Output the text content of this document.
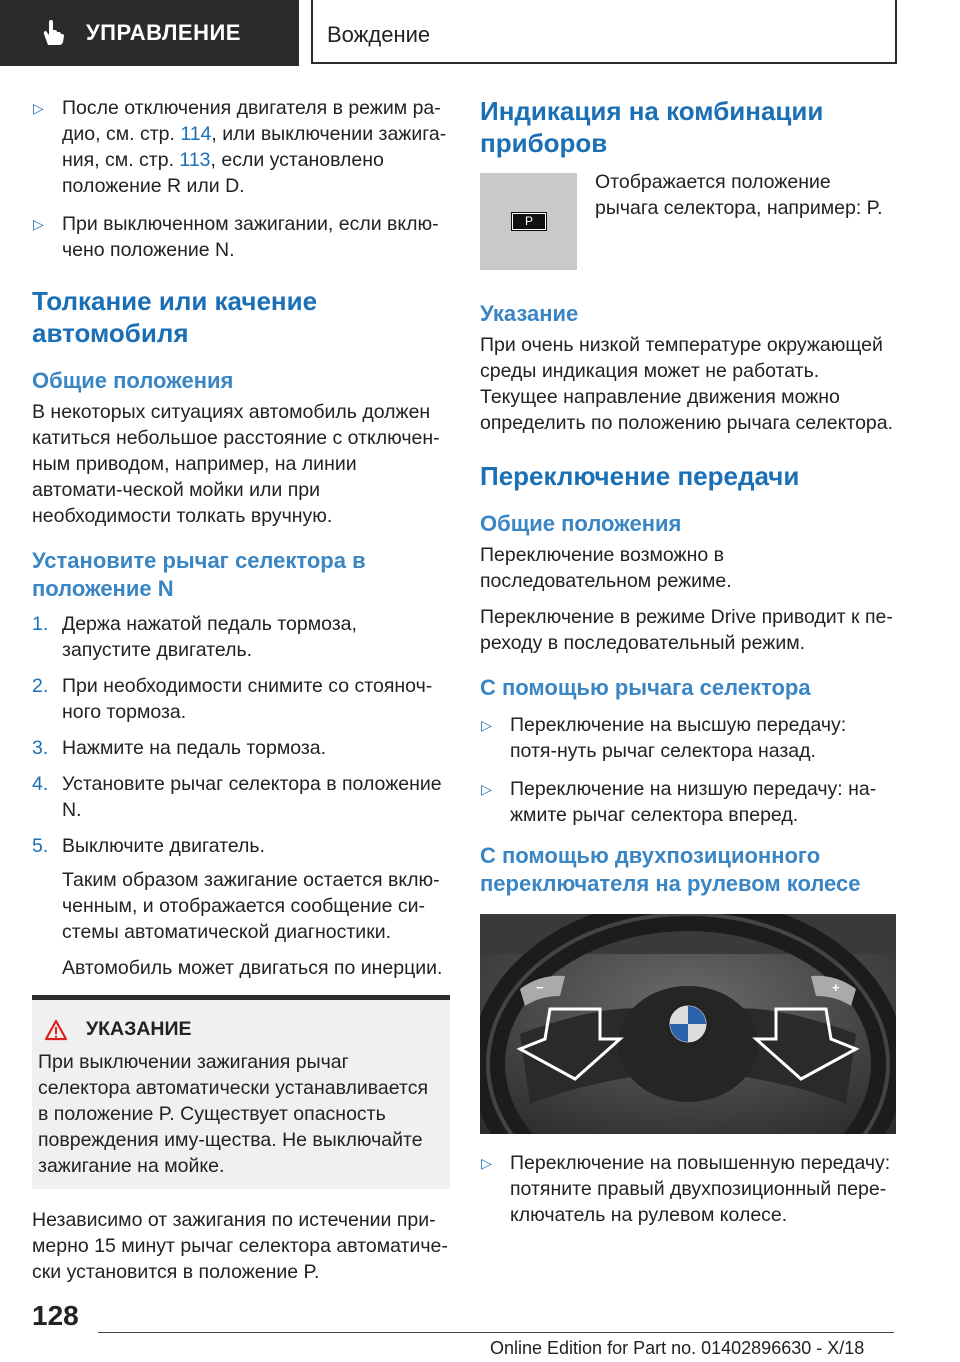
УПРАВЛЕНИЕ	Вождение
▷ После отключения двигателя в режим ра-дио, см. стр. 114, или выключении зажига-ния, см. стр. 113, если установлено положение R или D.
▷ При выключенном зажигании, если вклю-чено положение N.
Толкание или качение автомобиля
Общие положения

В некоторых ситуациях автомобиль должен катиться небольшое расстояние с отключен-ным приводом, например, на линии автомати-ческой мойки или при необходимости толкать вручную.

Установите рычаг селектора в положение N
1. Держа нажатой педаль тормоза, запустите двигатель.
2. При необходимости снимите со стояноч-ного тормоза.
3. Нажмите на педаль тормоза.
4. Установите рычаг селектора в положение N.
5. Выключите двигатель.

Таким образом зажигание остается вклю-ченным, и отображается сообщение си-стемы автоматической диагностики.

Автомобиль может двигаться по инерции.

УКАЗАНИЕ

При выключении зажигания рычаг селектора автоматически устанавливается в положение P. Существует опасность повреждения иму-щества. Не выключайте зажигание на мойке.

Независимо от зажигания по истечении при-мерно 15 минут рычаг селектора автоматиче-ски установится в положение P.

Индикация на комбинации приборов
P

Отображается положение рычага селектора, например: P.

Указание

При очень низкой температуре окружающей среды индикация может не работать. Текущее направление движения можно определить по положению рычага селектора.

Переключение передачи
Общие положения

Переключение возможно в последовательном режиме.

Переключение в режиме Drive приводит к пе-реходу в последовательный режим.

С помощью рычага селектора
▷ Переключение на высшую передачу: потя-нуть рычаг селектора назад.
▷ Переключение на низшую передачу: на-жмите рычаг селектора вперед.
С помощью двухпозиционного переключателя на рулевом колесе
−	+
▷ Переключение на повышенную передачу: потяните правый двухпозиционный пере-ключатель на рулевом колесе.
128
Online Edition for Part no. 01402896630 - X/18
